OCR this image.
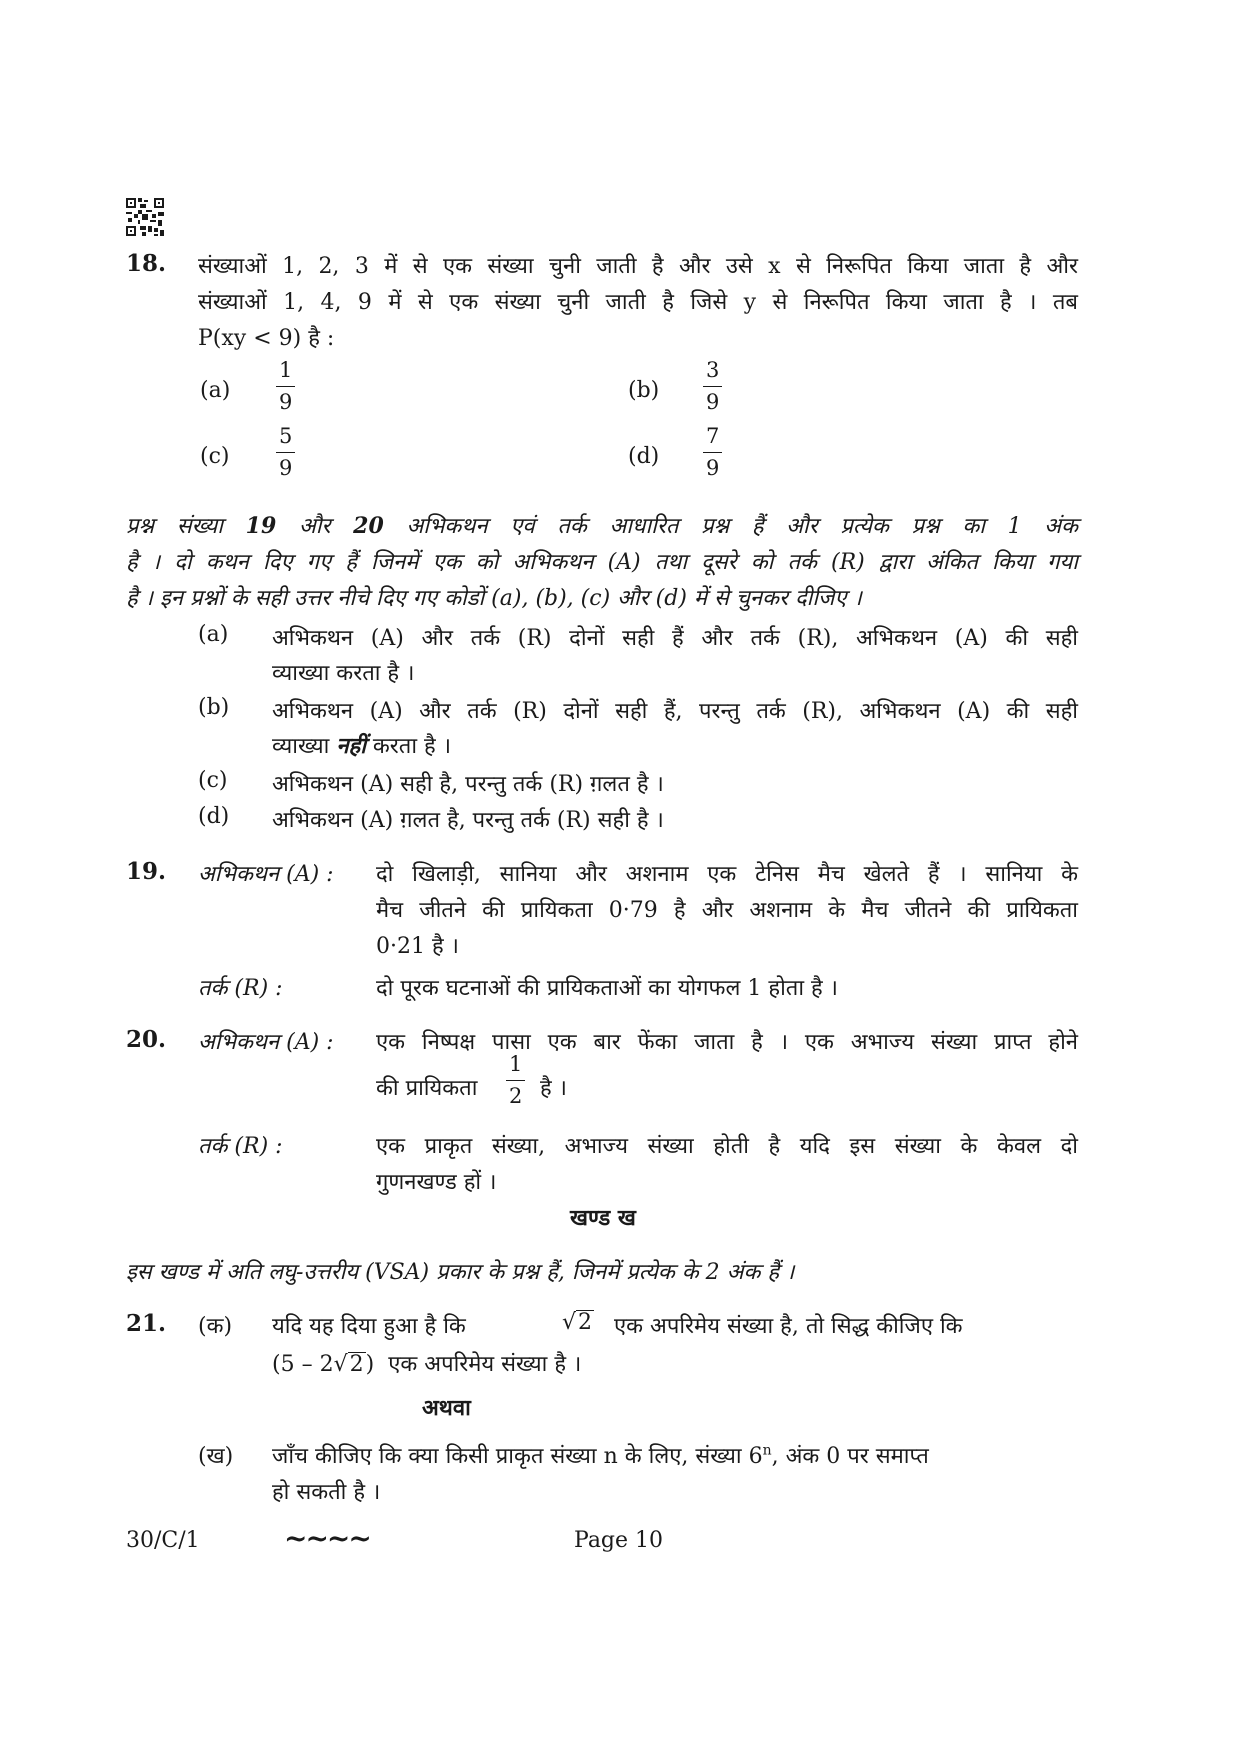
18. संख्याओं 1, 2, 3 में से एक संख्या चुनी जाती है और उसे x से निरूपित किया जाता है और
संख्याओं 1, 4, 9 में से एक संख्या चुनी जाती है जिसे y से निरूपित किया जाता है । तब
P(xy < 9) है :
$(a) \frac{1}{9}$	$(b) \frac{3}{9}$
$(c) \frac{5}{9}$	$(d) \frac{7}{9}$
प्रश्न संख्या 19 और 20 अभिकथन एवं तर्क आधारित प्रश्न हैं और प्रत्येक प्रश्न का 1 अंक
है । दो कथन दिए गए हैं जिनमें एक को अभिकथन (A) तथा दूसरे को तर्क (R) द्वारा अंकित किया गया
है । इन प्रश्नों के सही उत्तर नीचे दिए गए कोडों (a), (b), (c) और (d) में से चुनकर दीजिए ।
(a) अभिकथन (A) और तर्क (R) दोनों सही हैं और तर्क (R), अभिकथन (A) की सही
व्याख्या करता है ।
(b) अभिकथन (A) और तर्क (R) दोनों सही हैं, परन्तु तर्क (R), अभिकथन (A) की सही
व्याख्या नहीं करता है ।
(c) अभिकथन (A) सही है, परन्तु तर्क (R) ग़लत है ।
(d) अभिकथन (A) ग़लत है, परन्तु तर्क (R) सही है ।
19. अभिकथन (A) : दो खिलाड़ी, सानिया और अशनाम एक टेनिस मैच खेलते हैं । सानिया के
मैच जीतने की प्रायिकता 0·79 है और अशनाम के मैच जीतने की प्रायिकता
0·21 है ।
तर्क (R) :	दो पूरक घटनाओं की प्रायिकताओं का योगफल 1 होता है ।
20. अभिकथन (A) : एक निष्पक्ष पासा एक बार फेंका जाता है । एक अभाज्य संख्या प्राप्त होने
की प्रायिकता $\frac{1}{2}$ है ।
तर्क (R) :	एक प्राकृत संख्या, अभाज्य संख्या होती है यदि इस संख्या के केवल दो
गुणनखण्ड हों ।
खण्ड ख
इस खण्ड में अति लघु-उत्तरीय (VSA) प्रकार के प्रश्न हैं, जिनमें प्रत्येक के 2 अंक हैं ।
21. (क) यदि यह दिया हुआ है कि	√2 एक अपरिमेय संख्या है, तो सिद्ध कीजिए कि
(5 – 2√2) एक अपरिमेय संख्या है ।
अथवा
(ख) जाँच कीजिए कि क्या किसी प्राकृत संख्या n के लिए, संख्या 6$^n$, अंक 0 पर समाप्त
हो सकती है ।
30/C/1	~~~~	Page 10
